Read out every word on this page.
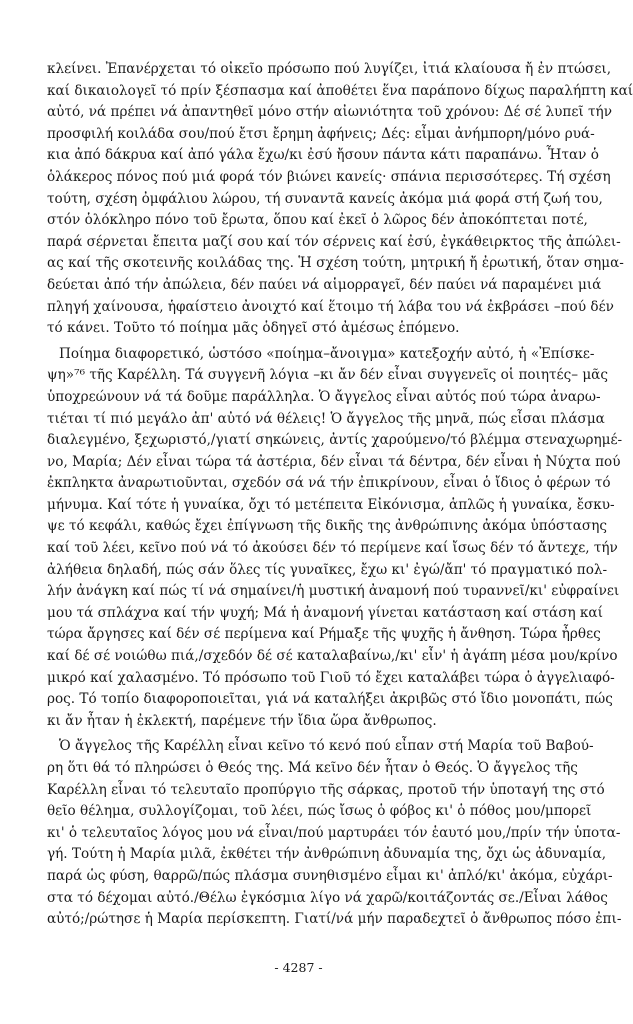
κλείνει. Ἐπανέρχεται τό οἰκεῖο πρόσωπο πού λυγίζει, ἰτιά κλαίουσα ἤ ἐν πτώσει,
καί δικαιολογεῖ τό πρίν ξέσπασμα καί ἀποθέτει ἕνα παράπονο δίχως παραλήπτη καί
αὐτό, νά πρέπει νά ἀπαντηθεῖ μόνο στήν αἰωνιότητα τοῦ χρόνου: Δέ σέ λυπεῖ τήν
προσφιλή κοιλάδα σου/πού ἔτσι ἔρημη ἀφήνεις; Δές: εἶμαι ἀνήμπορη/μόνο ρυά-
κια ἀπό δάκρυα καί ἀπό γάλα ἔχω/κι ἐσύ ἤσουν πάντα κάτι παραπάνω. Ἦταν ὁ
ὁλάκερος πόνος πού μιά φορά τόν βιώνει κανείς· σπάνια περισσότερες. Τή σχέση
τούτη, σχέση ὀμφάλιου λώρου, τή συναντᾶ κανείς ἀκόμα μιά φορά στή ζωή του,
στόν ὁλόκληρο πόνο τοῦ ἔρωτα, ὅπου καί ἐκεῖ ὁ λῶρος δέν ἀποκόπτεται ποτέ,
παρά σέρνεται ἔπειτα μαζί σου καί τόν σέρνεις καί ἐσύ, ἐγκάθειρκτος τῆς ἀπώλει-
ας καί τῆς σκοτεινῆς κοιλάδας της. Ἡ σχέση τούτη, μητρική ἤ ἐρωτική, ὅταν σημα-
δεύεται ἀπό τήν ἀπώλεια, δέν παύει νά αἱμορραγεῖ, δέν παύει νά παραμένει μιά
πληγή χαίνουσα, ἡφαίστειο ἀνοιχτό καί ἕτοιμο τή λάβα του νά ἐκβράσει –πού δέν
τό κάνει. Τοῦτο τό ποίημα μᾶς ὁδηγεῖ στό ἀμέσως ἑπόμενο.
Ποίημα διαφορετικό, ὡστόσο «ποίημα–ἄνοιγμα» κατεξοχήν αὐτό, ἡ «Ἐπίσκε-
ψη»⁷⁶ τῆς Καρέλλη. Τά συγγενῆ λόγια –κι ἄν δέν εἶναι συγγενεῖς οἱ ποιητές– μᾶς
ὑποχρεώνουν νά τά δοῦμε παράλληλα. Ὁ ἄγγελος εἶναι αὐτός πού τώρα ἀναρω-
τιέται τί πιό μεγάλο ἀπ' αὐτό νά θέλεις! Ὁ ἄγγελος τῆς μηνᾶ, πώς εἶσαι πλάσμα
διαλεγμένο, ξεχωριστό,/γιατί σηκώνεις, ἀντίς χαρούμενο/τό βλέμμα στεναχωρημέ-
νο, Μαρία; Δέν εἶναι τώρα τά ἀστέρια, δέν εἶναι τά δέντρα, δέν εἶναι ἡ Νύχτα πού
ἐκπληκτα ἀναρωτιοῦνται, σχεδόν σά νά τήν ἐπικρίνουν, εἶναι ὁ ἴδιος ὁ φέρων τό
μήνυμα. Καί τότε ἡ γυναίκα, ὄχι τό μετέπειτα Εἰκόνισμα, ἁπλῶς ἡ γυναίκα, ἔσκυ-
ψε τό κεφάλι, καθώς ἔχει ἐπίγνωση τῆς δικῆς της ἀνθρώπινης ἀκόμα ὑπόστασης
καί τοῦ λέει, κεῖνο πού νά τό ἀκούσει δέν τό περίμενε καί ἴσως δέν τό ἄντεχε, τήν
ἀλήθεια δηλαδή, πώς σάν ὅλες τίς γυναῖκες, ἔχω κι' ἐγώ/ἄπ' τό πραγματικό πολ-
λήν ἀνάγκη καί πώς τί νά σημαίνει/ἡ μυστική ἀναμονή πού τυραννεῖ/κι' εὐφραίνει
μου τά σπλάχνα καί τήν ψυχή; Μά ἡ ἀναμονή γίνεται κατάσταση καί στάση καί
τώρα ἄργησες καί δέν σέ περίμενα καί Ρήμαξε τῆς ψυχῆς ἡ ἄνθηση. Τώρα ἦρθες
καί δέ σέ νοιώθω πιά,/σχεδόν δέ σέ καταλαβαίνω,/κι' εἶν' ἡ ἀγάπη μέσα μου/κρίνο
μικρό καί χαλασμένο. Τό πρόσωπο τοῦ Γιοῦ τό ἔχει καταλάβει τώρα ὁ ἀγγελιαφό-
ρος. Τό τοπίο διαφοροποιεῖται, γιά νά καταλήξει ἀκριβῶς στό ἴδιο μονοπάτι, πώς
κι ἄν ἦταν ἡ ἐκλεκτή, παρέμενε τήν ἴδια ὥρα ἄνθρωπος.
Ὁ ἄγγελος τῆς Καρέλλη εἶναι κεῖνο τό κενό πού εἶπαν στή Μαρία τοῦ Βαβού-
ρη ὅτι θά τό πληρώσει ὁ Θεός της. Μά κεῖνο δέν ἦταν ὁ Θεός. Ὁ ἄγγελος τῆς
Καρέλλη εἶναι τό τελευταῖο προπύργιο τῆς σάρκας, προτοῦ τήν ὑποταγή της στό
θεῖο θέλημα, συλλογίζομαι, τοῦ λέει, πώς ἴσως ὁ φόβος κι' ὁ πόθος μου/μπορεῖ
κι' ὁ τελευταῖος λόγος μου νά εἶναι/πού μαρτυράει τόν ἑαυτό μου,/πρίν τήν ὑποτα-
γή. Τούτη ἡ Μαρία μιλᾶ, ἐκθέτει τήν ἀνθρώπινη ἀδυναμία της, ὄχι ὡς ἀδυναμία,
παρά ὡς φύση, θαρρῶ/πώς πλάσμα συνηθισμένο εἶμαι κι' ἀπλό/κι' ἀκόμα, εὐχάρι-
στα τό δέχομαι αὐτό./Θέλω ἐγκόσμια λίγο νά χαρῶ/κοιτάζοντάς σε./Εἶναι λάθος
αὐτό;/ρώτησε ἡ Μαρία περίσκεπτη. Γιατί/νά μήν παραδεχτεῖ ὁ ἄνθρωπος πόσο ἐπι-
- 4287 -
